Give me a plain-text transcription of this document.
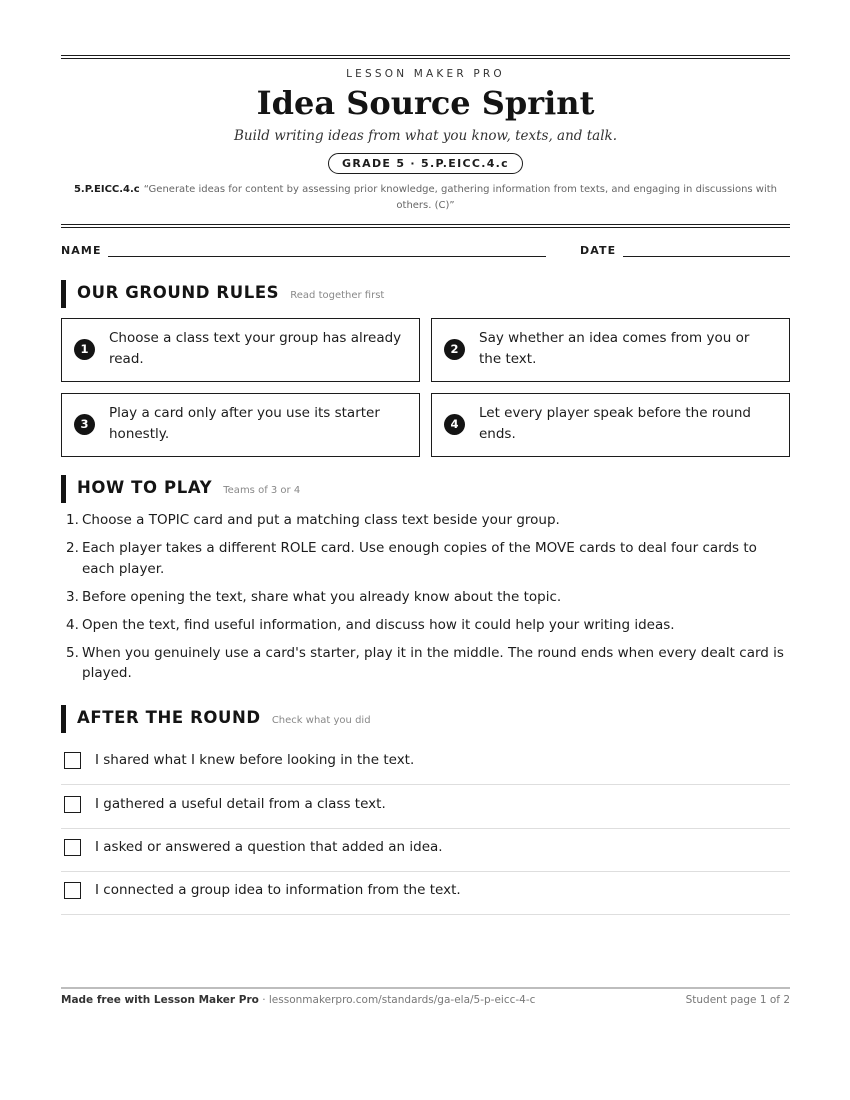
LESSON MAKER PRO
Idea Source Sprint
Build writing ideas from what you know, texts, and talk.
GRADE 5 · 5.P.EICC.4.c
5.P.EICC.4.c “Generate ideas for content by assessing prior knowledge, gathering information from texts, and engaging in discussions with others. (C)”
NAME	DATE
OUR GROUND RULES Read together first
1
Choose a class text your group has already read.
2
Say whether an idea comes from you or the text.
3
Play a card only after you use its starter honestly.
4
Let every player speak before the round ends.
HOW TO PLAY Teams of 3 or 4
1. Choose a TOPIC card and put a matching class text beside your group.
2. Each player takes a different ROLE card. Use enough copies of the MOVE cards to deal four cards to each player.
3. Before opening the text, share what you already know about the topic.
4. Open the text, find useful information, and discuss how it could help your writing ideas.
5. When you genuinely use a card's starter, play it in the middle. The round ends when every dealt card is played.
AFTER THE ROUND Check what you did
I shared what I knew before looking in the text.
I gathered a useful detail from a class text.
I asked or answered a question that added an idea.
I connected a group idea to information from the text.
Made free with Lesson Maker Pro · lessonmakerpro.com/standards/ga-ela/5-p-eicc-4-c	Student page 1 of 2
